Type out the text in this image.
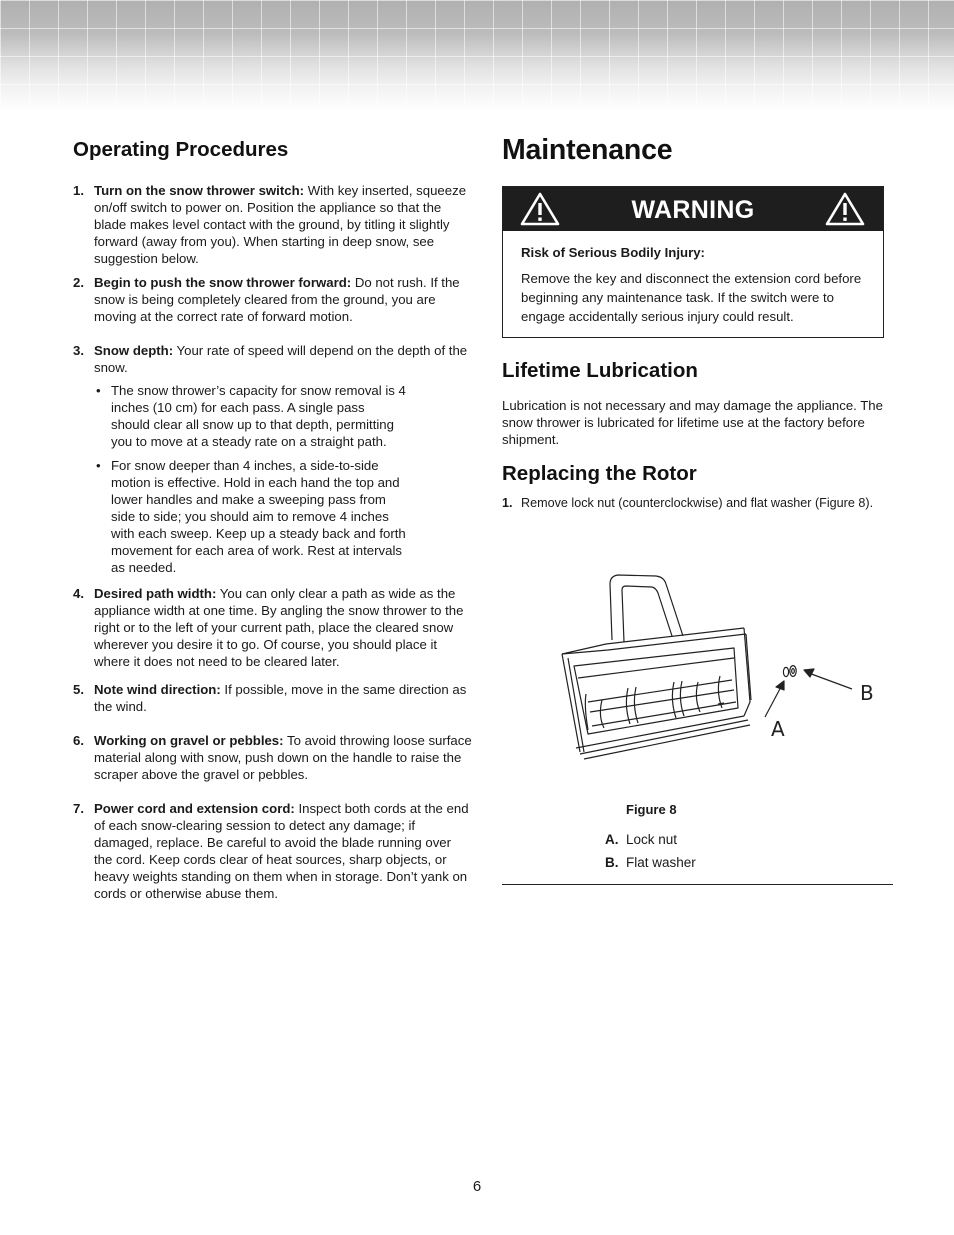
Operating Procedures
1. Turn on the snow thrower switch: With key inserted, squeeze on/off switch to power on. Position the appliance so that the blade makes level contact with the ground, by titling it slightly forward (away from you). When starting in deep snow, see suggestion below.
2. Begin to push the snow thrower forward: Do not rush. If the snow is being completely cleared from the ground, you are moving at the correct rate of forward motion.
3. Snow depth: Your rate of speed will depend on the depth of the snow.
• The snow thrower’s capacity for snow removal is 4 inches (10 cm) for each pass. A single pass should clear all snow up to that depth, permitting you to move at a steady rate on a straight path.
• For snow deeper than 4 inches, a side-to-side motion is effective. Hold in each hand the top and lower handles and make a sweeping pass from side to side; you should aim to remove 4 inches with each sweep. Keep up a steady back and forth movement for each area of work. Rest at intervals as needed.
4. Desired path width: You can only clear a path as wide as the appliance width at one time. By angling the snow thrower to the right or to the left of your current path, place the cleared snow wherever you desire it to go. Of course, you should place it where it does not need to be cleared later.
5. Note wind direction: If possible, move in the same direction as the wind.
6. Working on gravel or pebbles: To avoid throwing loose surface material along with snow, push down on the handle to raise the scraper above the gravel or pebbles.
7. Power cord and extension cord: Inspect both cords at the end of each snow-clearing session to detect any damage; if damaged, replace. Be careful to avoid the blade running over the cord. Keep cords clear of heat sources, sharp objects, or heavy weights standing on them when in storage. Don’t yank on cords or otherwise abuse them.
Maintenance
WARNING
Risk of Serious Bodily Injury:
Remove the key and disconnect the extension cord before beginning any maintenance task. If the switch were to engage accidentally serious injury could result.
Lifetime Lubrication
Lubrication is not necessary and may damage the appliance. The snow thrower is lubricated for lifetime use at the factory before shipment.
Replacing the Rotor
1. Remove lock nut (counterclockwise) and flat washer (Figure 8).
B
A
Figure 8
A. Lock nut
B. Flat washer
6
